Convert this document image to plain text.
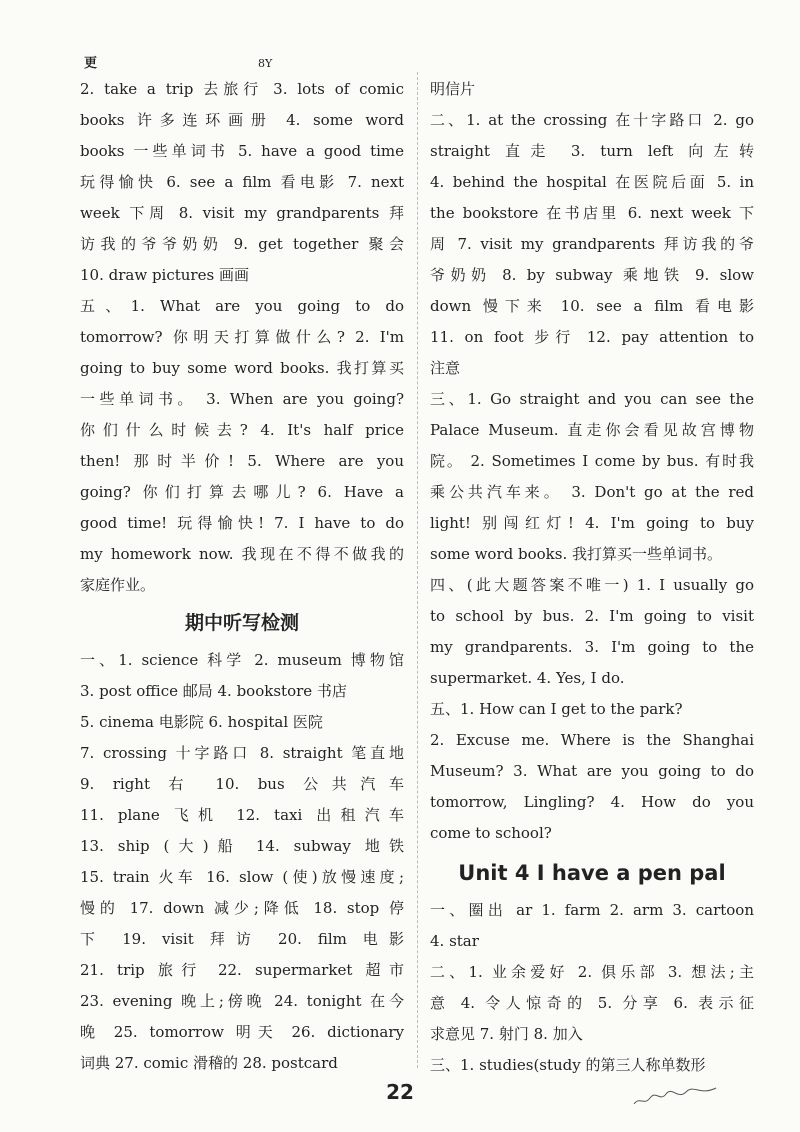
更	8Y
2. take a trip 去旅行 3. lots of comic
books 许多连环画册 4. some word
books 一些单词书 5. have a good time
玩得愉快 6. see a film 看电影 7. next
week 下周 8. visit my grandparents 拜
访我的爷爷奶奶 9. get together 聚会
10. draw pictures 画画
五、1. What are you going to do
tomorrow? 你明天打算做什么? 2. I'm
going to buy some word books. 我打算买
一些单词书。 3. When are you going?
你们什么时候去? 4. It's half price
then! 那时半价! 5. Where are you
going? 你们打算去哪儿? 6. Have a
good time! 玩得愉快! 7. I have to do
my homework now. 我现在不得不做我的
家庭作业。
期中听写检测
一、1. science 科学 2. museum 博物馆
3. post office 邮局 4. bookstore 书店
5. cinema 电影院 6. hospital 医院
7. crossing 十字路口 8. straight 笔直地
9. right 右 10. bus 公共汽车
11. plane 飞机 12. taxi 出租汽车
13. ship (大)船 14. subway 地铁
15. train 火车 16. slow (使)放慢速度;
慢的 17. down 减少;降低 18. stop 停
下 19. visit 拜访 20. film 电影
21. trip 旅行 22. supermarket 超市
23. evening 晚上;傍晚 24. tonight 在今
晚 25. tomorrow 明天 26. dictionary
词典 27. comic 滑稽的 28. postcard
明信片
二、1. at the crossing 在十字路口 2. go
straight 直走 3. turn left 向左转
4. behind the hospital 在医院后面 5. in
the bookstore 在书店里 6. next week 下
周 7. visit my grandparents 拜访我的爷
爷奶奶 8. by subway 乘地铁 9. slow
down 慢下来 10. see a film 看电影
11. on foot 步行 12. pay attention to
注意
三、1. Go straight and you can see the
Palace Museum. 直走你会看见故宫博物
院。 2. Sometimes I come by bus. 有时我
乘公共汽车来。 3. Don't go at the red
light! 别闯红灯! 4. I'm going to buy
some word books. 我打算买一些单词书。
四、(此大题答案不唯一) 1. I usually go
to school by bus. 2. I'm going to visit
my grandparents. 3. I'm going to the
supermarket. 4. Yes, I do.
五、1. How can I get to the park?
2. Excuse me. Where is the Shanghai
Museum? 3. What are you going to do
tomorrow, Lingling? 4. How do you
come to school?
Unit 4 I have a pen pal
一、圈出 ar 1. farm 2. arm 3. cartoon
4. star
二、1. 业余爱好 2. 俱乐部 3. 想法;主
意 4. 令人惊奇的 5. 分享 6. 表示征
求意见 7. 射门 8. 加入
三、1. studies(study 的第三人称单数形
22
